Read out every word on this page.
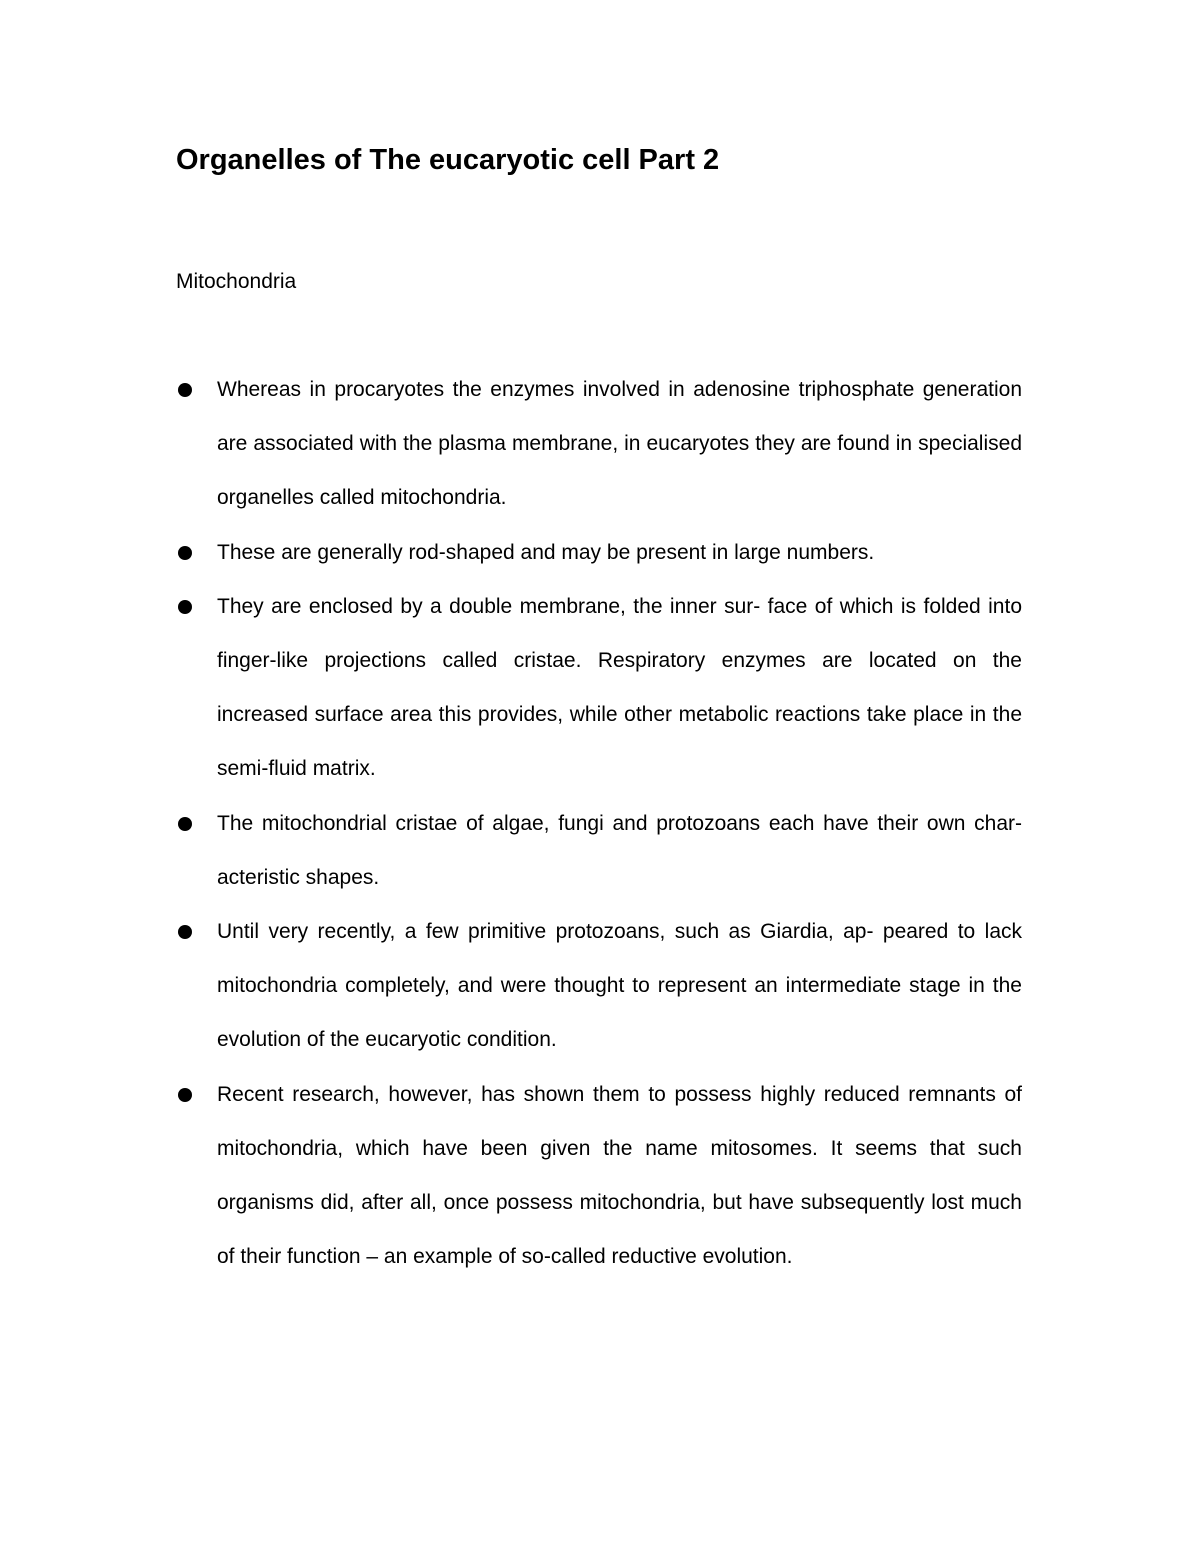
Organelles of The eucaryotic cell Part 2

Mitochondria

Whereas in procaryotes the enzymes involved in adenosine triphosphate generation are associated with the plasma membrane, in eucaryotes they are found in specialised organelles called mitochondria.
These are generally rod-shaped and may be present in large numbers.
They are enclosed by a double membrane, the inner sur- face of which is folded into finger-like projections called cristae. Respiratory enzymes are located on the increased surface area this provides, while other metabolic reactions take place in the semi-fluid matrix.
The mitochondrial cristae of algae, fungi and protozoans each have their own char- acteristic shapes.
Until very recently, a few primitive protozoans, such as Giardia, ap- peared to lack mitochondria completely, and were thought to represent an intermediate stage in the evolution of the eucaryotic condition.
Recent research, however, has shown them to possess highly reduced remnants of mitochondria, which have been given the name mitosomes. It seems that such organisms did, after all, once possess mitochondria, but have subsequently lost much of their function – an example of so-called reductive evolution.
